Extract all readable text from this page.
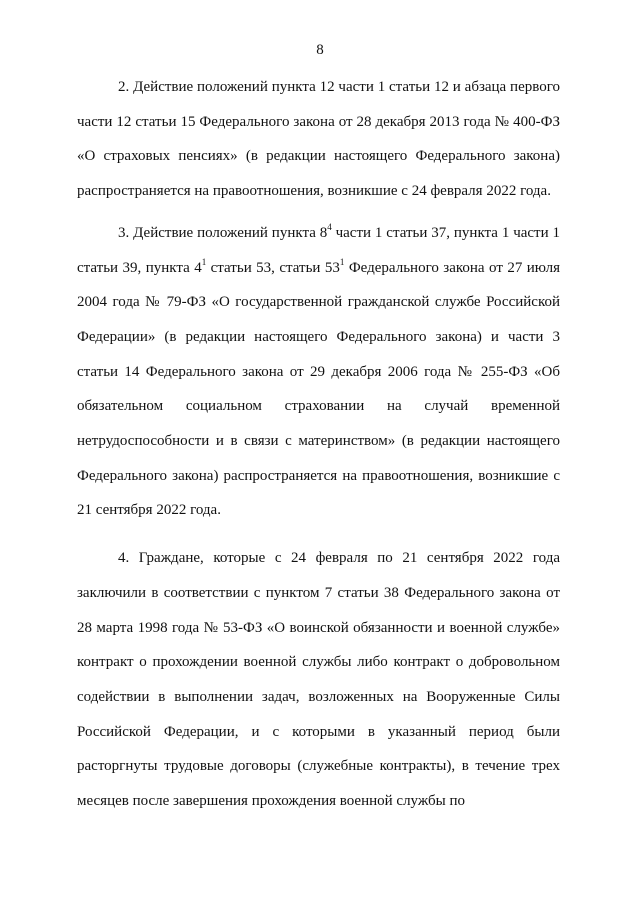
8

2. Действие положений пункта 12 части 1 статьи 12 и абзаца первого части 12 статьи 15 Федерального закона от 28 декабря 2013 года № 400-ФЗ «О страховых пенсиях» (в редакции настоящего Федерального закона) распространяется на правоотношения, возникшие с 24 февраля 2022 года.

3. Действие положений пункта $8^4$ части 1 статьи 37, пункта 1 части 1 статьи 39, пункта $4^1$ статьи 53, статьи $53^1$ Федерального закона от 27 июля 2004 года № 79-ФЗ «О государственной гражданской службе Российской Федерации» (в редакции настоящего Федерального закона) и части 3 статьи 14 Федерального закона от 29 декабря 2006 года № 255-ФЗ «Об обязательном социальном страховании на случай временной нетрудоспособности и в связи с материнством» (в редакции настоящего Федерального закона) распространяется на правоотношения, возникшие с 21 сентября 2022 года.

4. Граждане, которые с 24 февраля по 21 сентября 2022 года заключили в соответствии с пунктом 7 статьи 38 Федерального закона от 28 марта 1998 года № 53-ФЗ «О воинской обязанности и военной службе» контракт о прохождении военной службы либо контракт о добровольном содействии в выполнении задач, возложенных на Вооруженные Силы Российской Федерации, и с которыми в указанный период были расторгнуты трудовые договоры (служебные контракты), в течение трех месяцев после завершения прохождения военной службы по
